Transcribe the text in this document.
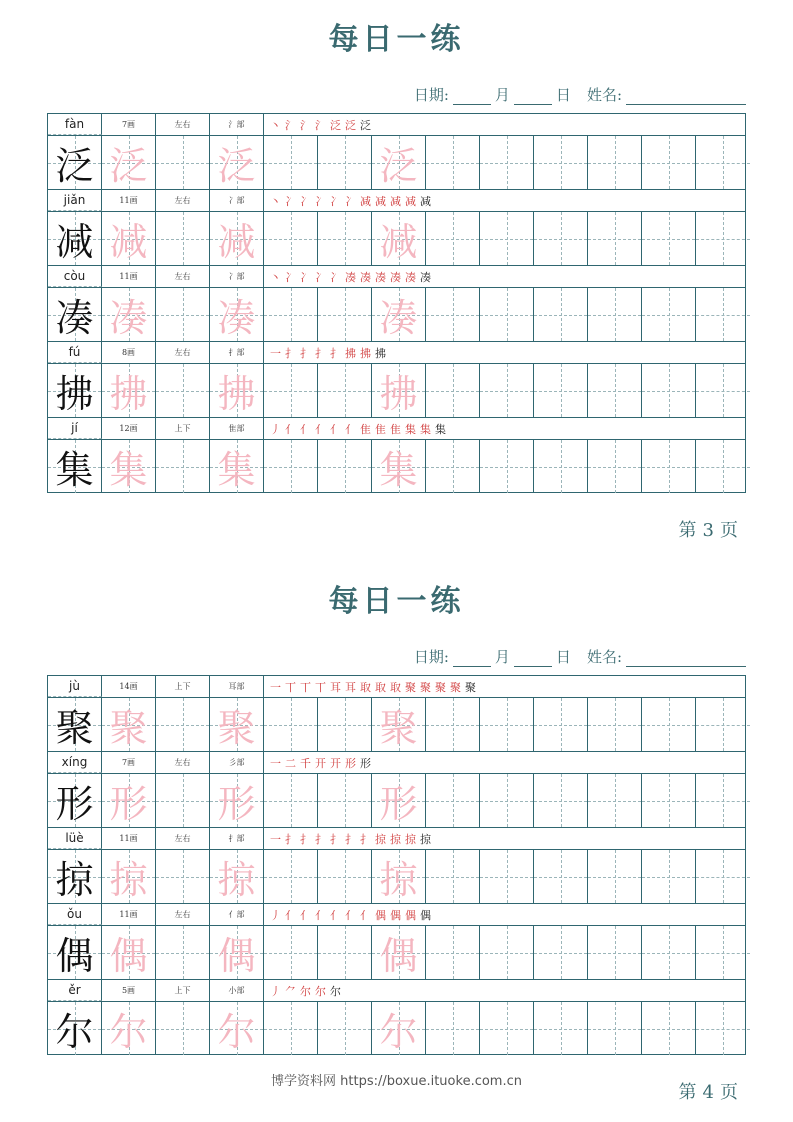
每日一练
日期:	月	日 姓名:
fàn	7画	左右	氵部	丶 氵 氵 氵 泛 泛 泛
泛 泛 泛	泛
jiǎn	11画	左右	冫部	丶 冫 冫 冫 冫 冫 减 减 减 减 减
减 减 减	减
còu	11画	左右	冫部	丶 冫 冫 冫 冫 凑 凑 凑 凑 凑 凑
凑 凑 凑	凑
fú	8画	左右	扌部	一 扌 扌 扌 扌 拂 拂 拂
拂 拂 拂	拂
jí	12画	上下	隹部	丿 亻 亻 亻 亻 亻 隹 隹 隹 集 集 集
集 集 集	集
第3页
每日一练
日期:	月	日 姓名:
jù	14画	上下	耳部	一 丅 丅 丅 耳 耳 取 取 取 聚 聚 聚 聚 聚
聚 聚 聚	聚
xíng	7画	左右	彡部	一 二 千 开 开 形 形
形 形 形	形
lüè	11画	左右	扌部	一 扌 扌 扌 扌 扌 扌 掠 掠 掠 掠
掠 掠 掠	掠
ǒu	11画	左右	亻部	丿 亻 亻 亻 亻 亻 亻 偶 偶 偶 偶
偶 偶 偶	偶
ěr	5画	上下	小部	丿 ⺈ 尔 尔 尔
尔 尔 尔	尔
第4页
博学资料网 https://boxue.ituoke.com.cn
